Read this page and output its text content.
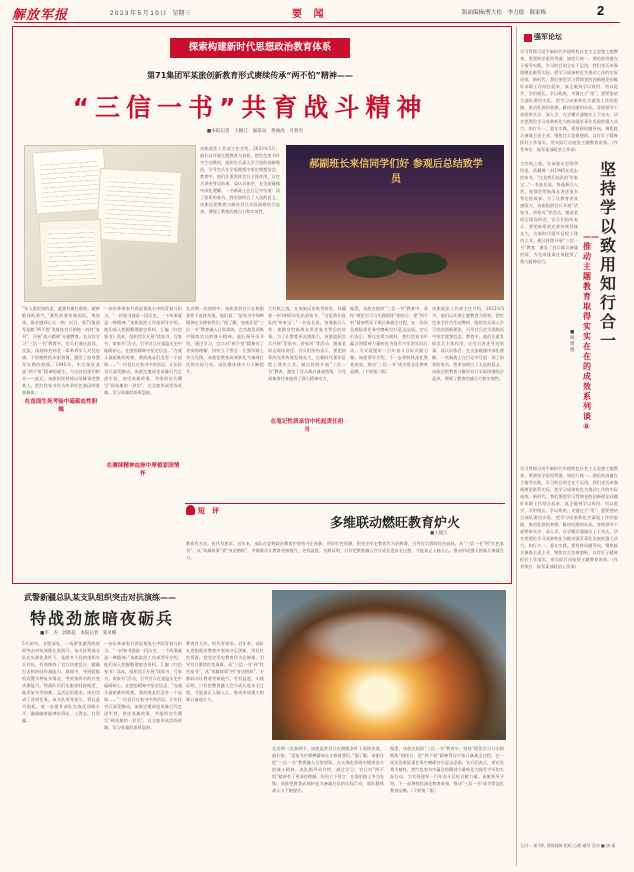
解放军报	2 0 2 3 年 5 月 1 0 日　星期三	要 闻	版面编辑/曹大松　李力德　陈家梅	2
探索构建新时代思想政治教育体系
第71集团军某旅创新教育形式赓续传承“两不怕”精神——
“三信一书”共育战斗精神
■本报记者　王握江　通讯员　黄丽虎　凡春光
该旅政治工作部主任介绍，2023年5月，他们以开展主题教育为契机，把红色家书作为生动教材，组织官兵深入学习党的创新理论，引导官兵在学思践悟中坚定理想信念。教育中，他们注重发挥官兵主体作用，让官兵讲述身边故事，谈认识体会，在交流碰撞中深化理解。一名新战士在日记中写道：读了前辈的家书，我更加明白了入伍的意义。该旅还把教育与解决官兵实际困难结合起来，增强了教育的感召力和实效性。
郝副班长来信同学们好 参观后总结致学员
“军人最崇尚的是，就要有敢打敢胜、敢拼敢闯的勇气。”那些有着传统的信，每次读，都会感到心头一热！近日，第71集团军某旅“两不怕”英雄连官兵围绕一封封“家书”，开展“战斗精神”专题教育。在这次学习“三信一书”教育中，官兵们通过品读、交流，深刻体会到老一辈革命军人对党忠诚、不怕牺牲的赤胆豪情，激发了投身强军实践的热情。1945年，军区部队某部“两不怕”精神的诞生，与这封信密切相关——此后，该旅始终坚持以英雄事迹教育人，把红色家书作为传承红色基因的重要载体。
在直面生死考验中砥砺血性胆魄
一份份革命家书诉说着战火中的青春与担当。“一封家书就是一段历史，一个故事就是一种精神。”该旅政治工作部领导介绍，他们深入挖掘整理旅史资料，汇编《红色家书》读本，组织官兵开展“读家书、写家书、寄家书”活动，引导官兵在重温历史中砥砺初心，在感悟精神中坚定信念。“在战斗最艰难的时刻，我的战友们没有一个退缩……”一位老兵在家书中的话语，让年轻官兵深受触动。该旅还邀请老英雄后代走进军营，讲述英雄故事，并组织官兵撰写“致英雄的一封信”，在全旅形成崇尚英雄、学习英雄的浓厚氛围。
在赓续精神血脉中厚植家国情怀
在近期一次演训中，该旅某营官兵在极限条件下连续作战，他们说：“是家书中那种精神在支撑着我们。”据了解，该旅还把“三信一书”教育融入日常训练，在实战化训练中锤炼官兵的战斗精神。连队指导员介绍，通过学习，官兵对“两不怕”精神有了更深的理解，纷纷立下誓言：在强军路上争当先锋。该旅把教育成效转化为备战打仗的实际行动，部队整体战斗力不断提升。
大红纸之战，在该旅历史陈列馆里，珍藏着一封1945年发出的家书。“这是我们连队的‘传家宝’。”一名连长说，每逢新兵入营，他都会给新战友讲述家书背后的故事。为了让教育更具感染力，该旅组织官兵开展“话家书、讲家风”等活动，邀请老同志现场讲述。官兵们纷纷表示，要把前辈的光荣传统发扬光大，在新时代强军征程上建功立业。通过持续开展“三信一书”教育，激发了官兵练兵备战热情，为完成使命任务提供了强大精神动力。
在笔记性质亲官中托起责任担当
据悉，该旅在组织“三信一书”教育中，坚持“理论学习与实践锻炼”相结合，把“两不怕”精神贯穿于练兵备战全过程，在一次次急难险重任务中磨砺官兵意志品质。官兵们表示，要以先辈为榜样，把红色家书中蕴含的精神力量转化为强军兴军的实际行动，为实现建军一百年奋斗目标贡献力量。该旅领导介绍，下一步将持续深化教育成效，推动“三信一书”成为常态化教育品牌。（下转第二版）
该旅政治工作部主任介绍，2023年5月，他们以开展主题教育为契机，把红色家书作为生动教材，组织官兵深入学习党的创新理论，引导官兵在学思践悟中坚定理想信念。教育中，他们注重发挥官兵主体作用，让官兵讲述身边故事，谈认识体会，在交流碰撞中深化理解。一名新战士在日记中写道：读了前辈的家书，我更加明白了入伍的意义。该旅还把教育与解决官兵实际困难结合起来，增强了教育的感召力和实效性。
短　评
多维联动燃旺教育炉火
■王握江
教育有方法，时代有要求。近年来，部队在思想政治教育中坚持守正创新，用好红色资源，把党史军史教育作为必修课，引导官兵赓续红色血脉。从“三信一书”到“红色家书”，从“英雄故事”到“身边榜样”，多维联动让教育更接地气、更有温度。实践证明，只有把教育融入官兵成长进步全过程，才能真正入脑入心，推动形成强大的练兵备战合力。
武警新疆总队某支队组织突击对抗演练——
特战劲旅暗夜砺兵
■李　杰　郭新超　本报记者　张卓娜
5月初旬，戈壁深处，一场紧张激烈的夜间突击对抗演练在此展开。该支队特战分队在实战化条件下，连续多个昼夜组织实兵对抗，有效锤炼了官兵快速反应、精确打击和协同作战能力。演练中，导调组临机设置多种复杂情况，考验指挥员的应变决策能力。特战队员们克服夜间视线差、地形复杂等困难，灵活运用战术，成功完成了各项任务。该支队领导表示，将以此为契机，进一步提升部队实战化训练水平，确保随时能够拉得出、上得去、打得赢。
一份份革命家书诉说着战火中的青春与担当。“一封家书就是一段历史，一个故事就是一种精神。”该旅政治工作部领导介绍，他们深入挖掘整理旅史资料，汇编《红色家书》读本，组织官兵开展“读家书、写家书、寄家书”活动，引导官兵在重温历史中砥砺初心，在感悟精神中坚定信念。“在战斗最艰难的时刻，我的战友们没有一个退缩……”一位老兵在家书中的话语，让年轻官兵深受触动。该旅还邀请老英雄后代走进军营，讲述英雄故事，并组织官兵撰写“致英雄的一封信”，在全旅形成崇尚英雄、学习英雄的浓厚氛围。
教育有方法，时代有要求。近年来，部队在思想政治教育中坚持守正创新，用好红色资源，把党史军史教育作为必修课，引导官兵赓续红色血脉。从“三信一书”到“红色家书”，从“英雄故事”到“身边榜样”，多维联动让教育更接地气、更有温度。实践证明，只有把教育融入官兵成长进步全过程，才能真正入脑入心，推动形成强大的练兵备战合力。
在近期一次演训中，该旅某营官兵在极限条件下连续作战，他们说：“是家书中那种精神在支撑着我们。”据了解，该旅还把“三信一书”教育融入日常训练，在实战化训练中锤炼官兵的战斗精神。连队指导员介绍，通过学习，官兵对“两不怕”精神有了更深的理解，纷纷立下誓言：在强军路上争当先锋。该旅把教育成效转化为备战打仗的实际行动，部队整体战斗力不断提升。
据悉，该旅在组织“三信一书”教育中，坚持“理论学习与实践锻炼”相结合，把“两不怕”精神贯穿于练兵备战全过程，在一次次急难险重任务中磨砺官兵意志品质。官兵们表示，要以先辈为榜样，把红色家书中蕴含的精神力量转化为强军兴军的实际行动，为实现建军一百年奋斗目标贡献力量。该旅领导介绍，下一步将持续深化教育成效，推动“三信一书”成为常态化教育品牌。（下转第二版）
强军论坛
学习贯彻习近平新时代中国特色社会主义思想主题教育，要坚持学思用贯通、知信行统一。理论的价值在于指导实践，学习的目的全在于运用。我们党历来强调理论联系实际，把学习成果转化为推动工作的实际成效。新时代，我们要把学习贯彻党的创新理论同做好本职工作结合起来，真正做到学以致用、用以促学、学用相长。学以致用，关键在于“用”。要紧密结合部队建设实际，把学习成果转化为谋划工作的思路、推动发展的举措、解决问题的办法。各级领导干部要带头学、深入学，在学懂弄通做实上下功夫，切实把理论学习成果转化为推动强军事业发展的强大动力。知行合一，重在实践。要坚持问题导向，聚焦练兵备战主责主业，聚焦官兵急难愁盼，以钉钉子精神抓好工作落实，用实际行动检验主题教育成效。（作者单位：陆军某部政治工作部）
坚持学以致用知行合一
——推动主题教育取得实实在在的成效系列谈⑥
■杨建德
大红纸之战，在该旅历史陈列馆里，珍藏着一封1945年发出的家书。“这是我们连队的‘传家宝’。”一名连长说，每逢新兵入营，他都会给新战友讲述家书背后的故事。为了让教育更具感染力，该旅组织官兵开展“话家书、讲家风”等活动，邀请老同志现场讲述。官兵们纷纷表示，要把前辈的光荣传统发扬光大，在新时代强军征程上建功立业。通过持续开展“三信一书”教育，激发了官兵练兵备战热情，为完成使命任务提供了强大精神动力。
学习贯彻习近平新时代中国特色社会主义思想主题教育，要坚持学思用贯通、知信行统一。理论的价值在于指导实践，学习的目的全在于运用。我们党历来强调理论联系实际，把学习成果转化为推动工作的实际成效。新时代，我们要把学习贯彻党的创新理论同做好本职工作结合起来，真正做到学以致用、用以促学、学用相长。学以致用，关键在于“用”。要紧密结合部队建设实际，把学习成果转化为谋划工作的思路、推动发展的举措、解决问题的办法。各级领导干部要带头学、深入学，在学懂弄通做实上下功夫，切实把理论学习成果转化为推动强军事业发展的强大动力。知行合一，重在实践。要坚持问题导向，聚焦练兵备战主责主业，聚焦官兵急难愁盼，以钉钉子精神抓好工作落实，用实际行动检验主题教育成效。（作者单位：陆军某部政治工作部）
石河一 某中队 训练间隙 组织 心理 辅导 活动 ■ 唐 福
